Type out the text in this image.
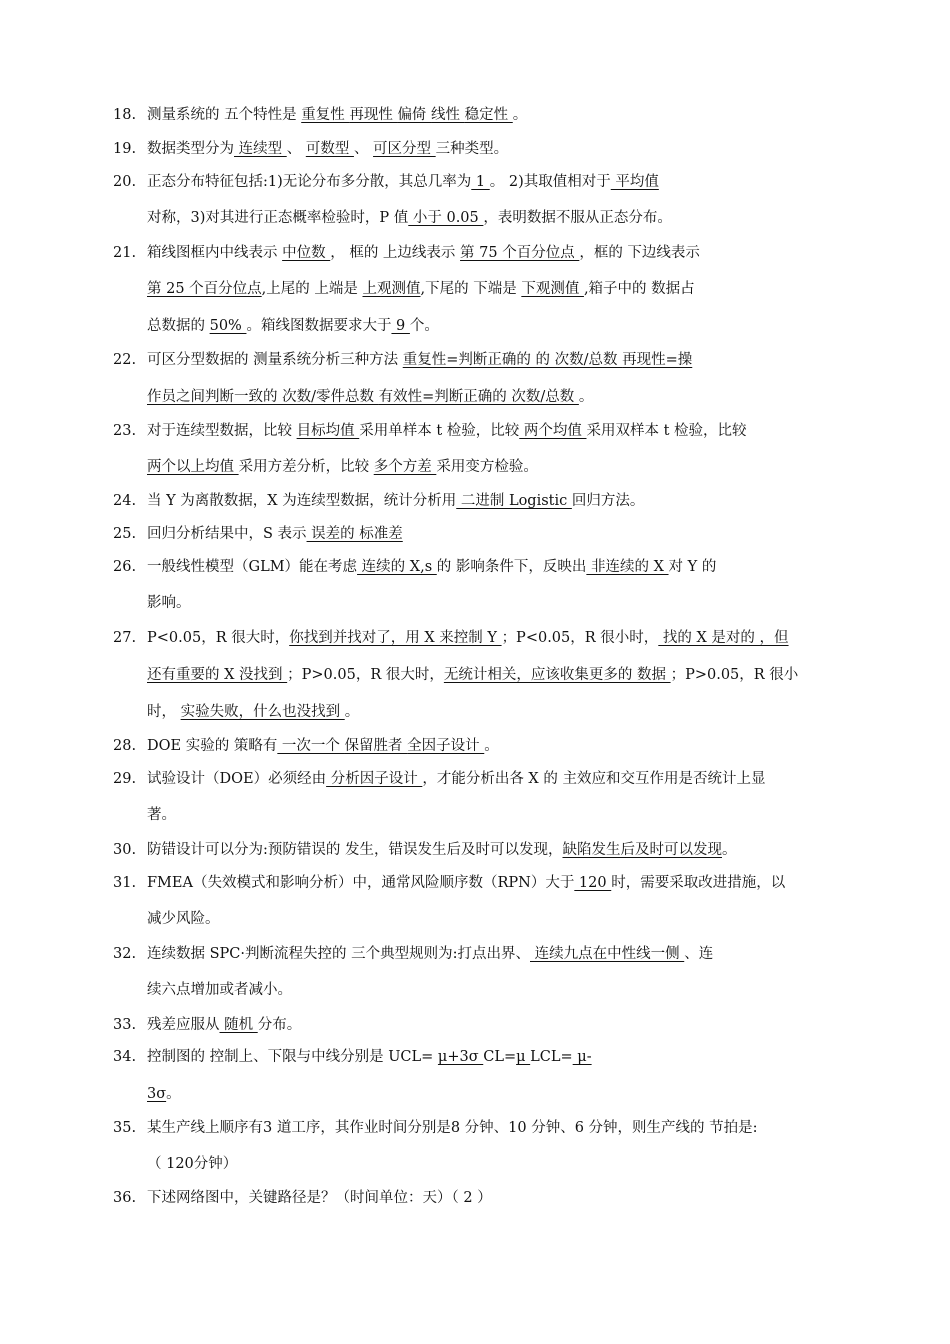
18. 测量系统的 五个特性是 重复性 再现性 偏倚 线性 稳定性 。
19. 数据类型分为 连续型 、 可数型 、 可区分型 三种类型。
20. 正态分布特征包括:1)无论分布多分散，其总几率为 1 。 2)其取值相对于 平均值
对称，3)对其进行正态概率检验时，P 值 小于 0.05 ，表明数据不服从正态分布。
21. 箱线图框内中线表示 中位数 ， 框的 上边线表示 第 75 个百分位点 ，框的 下边线表示
第 25 个百分位点,上尾的 上端是 上观测值,下尾的 下端是 下观测值 ,箱子中的 数据占
总数据的 50% 。箱线图数据要求大于 9 个。
22. 可区分型数据的 测量系统分析三种方法 重复性=判断正确的 的 次数/总数 再现性=操
作员之间判断一致的 次数/零件总数 有效性=判断正确的 次数/总数 。
23. 对于连续型数据，比较 目标均值 采用单样本 t 检验，比较 两个均值 采用双样本 t 检验，比较
两个以上均值 采用方差分析，比较 多个方差 采用变方检验。
24. 当 Y 为离散数据，X 为连续型数据，统计分析用 二进制 Logistic 回归方法。
25. 回归分析结果中，S 表示 误差的 标准差
26. 一般线性模型（GLM）能在考虑 连续的 X,s 的 影响条件下，反映出 非连续的 X 对 Y 的
影响。
27. P<0.05，R 很大时，你找到并找对了，用 X 来控制 Y ；P<0.05，R 很小时， 找的 X 是对的 ，但
还有重要的 X 没找到 ；P>0.05，R 很大时，无统计相关，应该收集更多的 数据 ；P>0.05，R 很小
时， 实验失败，什么也没找到 。
28. DOE 实验的 策略有 一次一个 保留胜者 全因子设计 。
29. 试验设计（DOE）必须经由 分析因子设计 ，才能分析出各 X 的 主效应和交互作用是否统计上显
著。
30. 防错设计可以分为:预防错误的 发生，错误发生后及时可以发现，缺陷发生后及时可以发现。
31. FMEA（失效模式和影响分析）中，通常风险顺序数（RPN）大于 120 时，需要采取改进措施，以
减少风险。
32. 连续数据 SPC·判断流程失控的 三个典型规则为:打点出界、 连续九点在中性线一侧 、连
续六点增加或者减小。
33. 残差应服从 随机 分布。
34. 控制图的 控制上、下限与中线分别是 UCL= μ+3σ CL=μ LCL= μ-
3σ。
35. 某生产线上顺序有3 道工序，其作业时间分别是8 分钟、10 分钟、6 分钟，则生产线的 节拍是:
（ 120分钟）
36. 下述网络图中，关键路径是？（时间单位：天）（ 2 ）
